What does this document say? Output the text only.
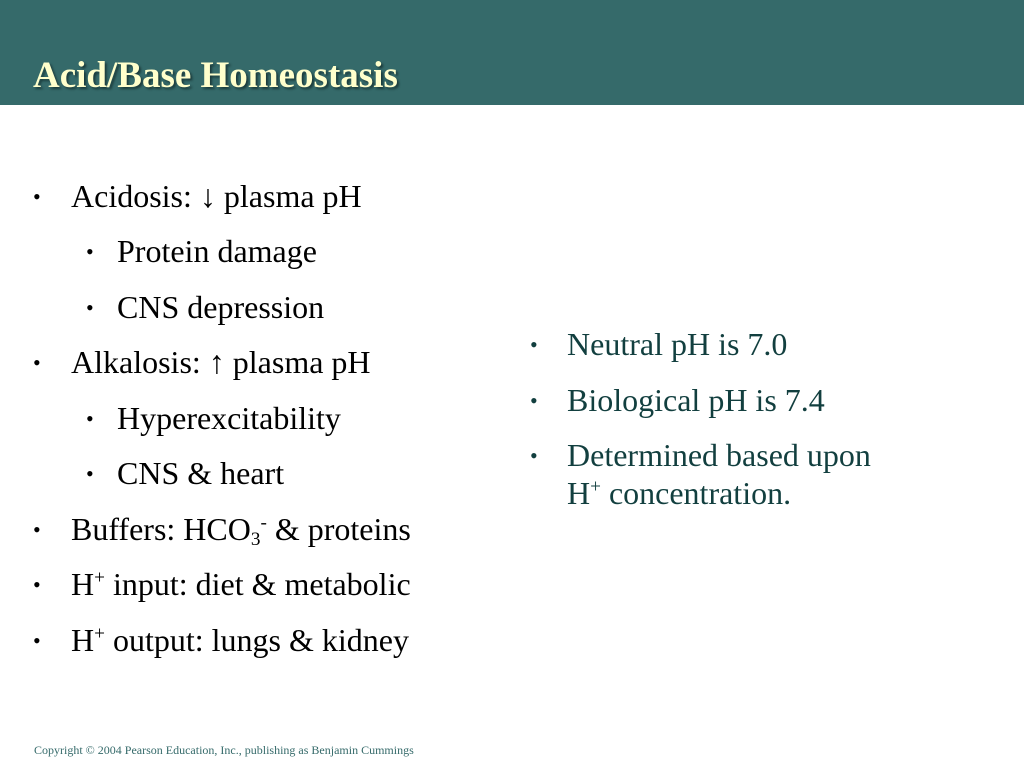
Acid/Base Homeostasis
• Acidosis: ↓ plasma pH
• Protein damage
• CNS depression
• Alkalosis: ↑ plasma pH
• Hyperexcitability
• CNS & heart
• Buffers: $HCO_3^-$ & proteins
• H+ input: diet & metabolic
• H+ output: lungs & kidney
• Neutral pH is 7.0
• Biological pH is 7.4
• Determined based upon
H+ concentration.
Copyright © 2004 Pearson Education, Inc., publishing as Benjamin Cummings
